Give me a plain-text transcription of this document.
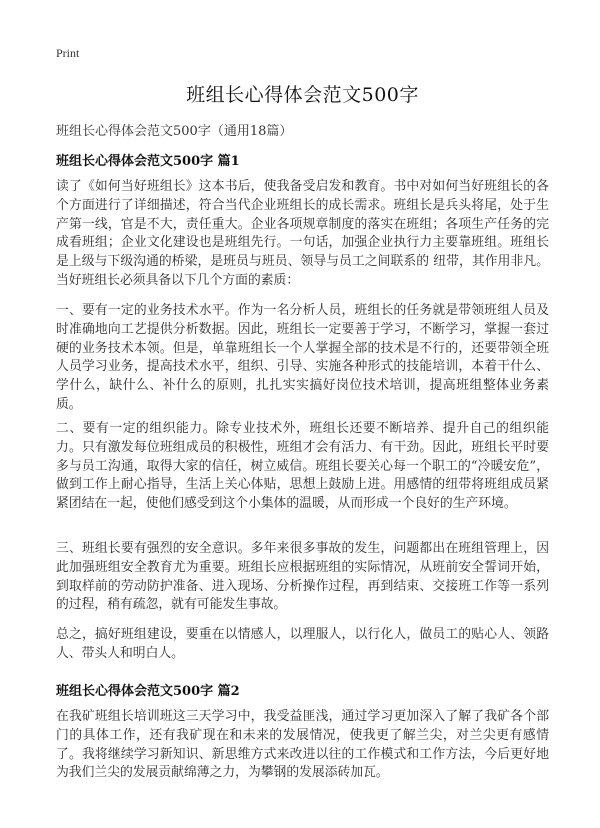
Print
班组长心得体会范文500字
班组长心得体会范文500字（通用18篇）
班组长心得体会范文500字 篇1

读了《如何当好班组长》这本书后，使我备受启发和教育。书中对如何当好班组长的各个方面进行了详细描述，符合当代企业班组长的成长需求。班组长是兵头将尾，处于生产第一线，官是不大，责任重大。企业各项规章制度的落实在班组；各项生产任务的完成看班组；企业文化建设也是班组先行。一句话，加强企业执行力主要靠班组。班组长是上级与下级沟通的桥梁，是班员与班员、领导与员工之间联系的 纽带，其作用非凡。当好班组长必须具备以下几个方面的素质：

一、要有一定的业务技术水平。作为一名分析人员，班组长的任务就是带领班组人员及时准确地向工艺提供分析数据。因此，班组长一定要善于学习，不断学习，掌握一套过硬的业务技术本领。但是，单靠班组长一个人掌握全部的技术是不行的，还要带领全班人员学习业务，提高技术水平，组织、引导、实施各种形式的技能培训，本着干什么、学什么，缺什么、补什么的原则，扎扎实实搞好岗位技术培训，提高班组整体业务素质。

二、要有一定的组织能力。除专业技术外，班组长还要不断培养、提升自己的组织能力。只有激发每位班组成员的积极性，班组才会有活力、有干劲。因此，班组长平时要多与员工沟通，取得大家的信任，树立威信。班组长要关心每一个职工的“冷暖安危”，做到工作上耐心指导，生活上关心体贴，思想上鼓励上进。用感情的纽带将班组成员紧紧团结在一起，使他们感受到这个小集体的温暖，从而形成一个良好的生产环境。

三、班组长要有强烈的安全意识。多年来很多事故的发生，问题都出在班组管理上，因此加强班组安全教育尤为重要。班组长应根据班组的实际情况，从班前安全誓词开始，到取样前的劳动防护准备、进入现场、分析操作过程，再到结束、交接班工作等一系列的过程，稍有疏忽，就有可能发生事故。

总之，搞好班组建设，要重在以情感人，以理服人，以行化人，做员工的贴心人、领路人、带头人和明白人。

班组长心得体会范文500字 篇2

在我矿班组长培训班这三天学习中，我受益匪浅，通过学习更加深入了解了我矿各个部门的具体工作，还有我矿现在和未来的发展情况，使我更了解兰尖，对兰尖更有感情了。我将继续学习新知识、新思维方式来改进以往的工作模式和工作方法，今后更好地为我们兰尖的发展贡献绵薄之力，为攀钢的发展添砖加瓦。
